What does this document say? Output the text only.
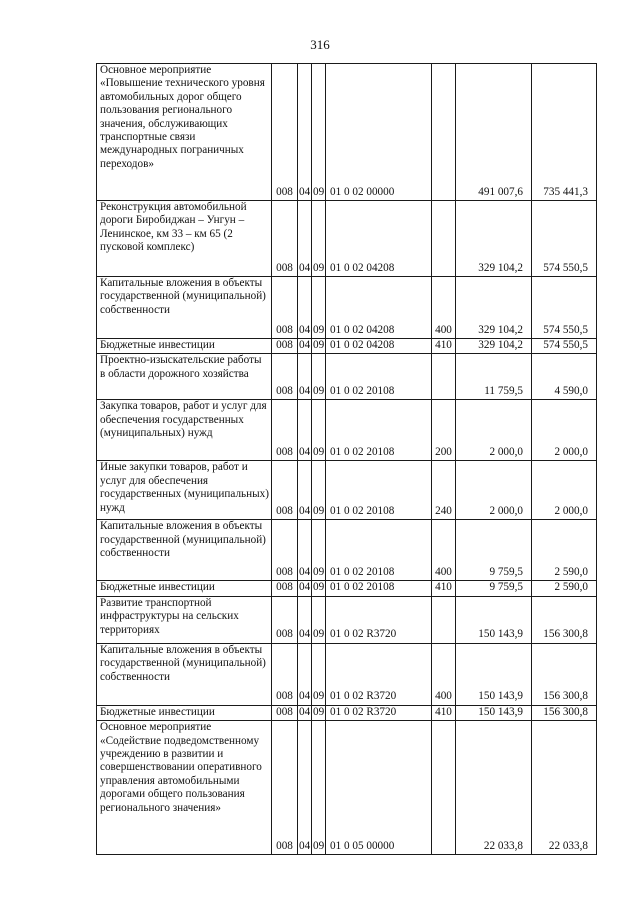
316
Основное мероприятие «Повышение технического уровня автомобильных дорог общего пользования регионального значения, обслуживающих транспортные связи международных пограничных переходов»	008	04	09	01 0 02 00000		491 007,6	735 441,3
Реконструкция автомобильной дороги Биробиджан – Унгун – Ленинское, км 33 – км 65 (2 пусковой комплекс)	008	04	09	01 0 02 04208		329 104,2	574 550,5
Капитальные вложения в объекты государственной (муниципальной) собственности	008	04	09	01 0 02 04208	400	329 104,2	574 550,5
Бюджетные инвестиции	008	04	09	01 0 02 04208	410	329 104,2	574 550,5
Проектно-изыскательские работы в области дорожного хозяйства	008	04	09	01 0 02 20108		11 759,5	4 590,0
Закупка товаров, работ и услуг для обеспечения государственных (муниципальных) нужд	008	04	09	01 0 02 20108	200	2 000,0	2 000,0
Иные закупки товаров, работ и услуг для обеспечения государственных (муниципальных) нужд	008	04	09	01 0 02 20108	240	2 000,0	2 000,0
Капитальные вложения в объекты государственной (муниципальной) собственности	008	04	09	01 0 02 20108	400	9 759,5	2 590,0
Бюджетные инвестиции	008	04	09	01 0 02 20108	410	9 759,5	2 590,0
Развитие транспортной инфраструктуры на сельских территориях	008	04	09	01 0 02 R3720		150 143,9	156 300,8
Капитальные вложения в объекты государственной (муниципальной) собственности	008	04	09	01 0 02 R3720	400	150 143,9	156 300,8
Бюджетные инвестиции	008	04	09	01 0 02 R3720	410	150 143,9	156 300,8
Основное мероприятие «Содействие подведомственному учреждению в развитии и совершенствовании оперативного управления автомобильными дорогами общего пользования регионального значения»	008	04	09	01 0 05 00000		22 033,8	22 033,8
